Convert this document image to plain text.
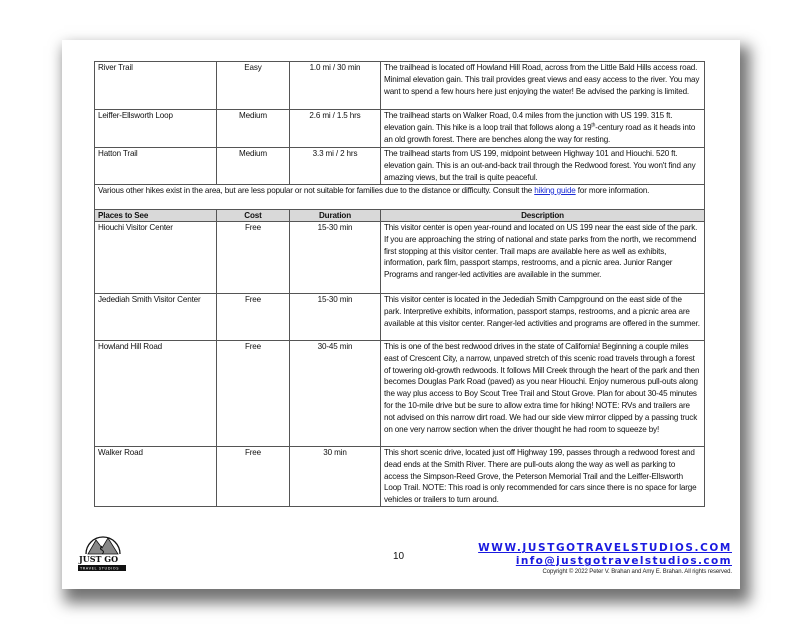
River Trail	Easy	1.0 mi / 30 min	The trailhead is located off Howland Hill Road, across from the Little Bald Hills access road. Minimal elevation gain. This trail provides great views and easy access to the river. You may want to spend a few hours here just enjoying the water! Be advised the parking is limited.
Leiffer-Ellsworth Loop	Medium	2.6 mi / 1.5 hrs	The trailhead starts on Walker Road, 0.4 miles from the junction with US 199. 315 ft. elevation gain. This hike is a loop trail that follows along a 19th-century road as it heads into an old growth forest. There are benches along the way for resting.
Hatton Trail	Medium	3.3 mi / 2 hrs	The trailhead starts from US 199, midpoint between Highway 101 and Hiouchi. 520 ft. elevation gain. This is an out-and-back trail through the Redwood forest. You won't find any amazing views, but the trail is quite peaceful.
Various other hikes exist in the area, but are less popular or not suitable for families due to the distance or difficulty. Consult the hiking guide for more information.			
Places to See	Cost	Duration	Description
Hiouchi Visitor Center	Free	15-30 min	This visitor center is open year-round and located on US 199 near the east side of the park. If you are approaching the string of national and state parks from the north, we recommend first stopping at this visitor center. Trail maps are available here as well as exhibits, information, park film, passport stamps, restrooms, and a picnic area. Junior Ranger Programs and ranger-led activities are available in the summer.
Jedediah Smith Visitor Center	Free	15-30 min	This visitor center is located in the Jedediah Smith Campground on the east side of the park. Interpretive exhibits, information, passport stamps, restrooms, and a picnic area are available at this visitor center. Ranger-led activities and programs are offered in the summer.
Howland Hill Road	Free	30-45 min	This is one of the best redwood drives in the state of California! Beginning a couple miles east of Crescent City, a narrow, unpaved stretch of this scenic road travels through a forest of towering old-growth redwoods. It follows Mill Creek through the heart of the park and then becomes Douglas Park Road (paved) as you near Hiouchi. Enjoy numerous pull-outs along the way plus access to Boy Scout Tree Trail and Stout Grove. Plan for about 30-45 minutes for the 10-mile drive but be sure to allow extra time for hiking! NOTE: RVs and trailers are not advised on this narrow dirt road. We had our side view mirror clipped by a passing truck on one very narrow section when the driver thought he had room to squeeze by!
Walker Road	Free	30 min	This short scenic drive, located just off Highway 199, passes through a redwood forest and dead ends at the Smith River. There are pull-outs along the way as well as parking to access the Simpson-Reed Grove, the Peterson Memorial Trail and the Leiffer-Ellsworth Loop Trail. NOTE: This road is only recommended for cars since there is no space for large vehicles or trailers to turn around.
JUST GO
TRAVEL STUDIOS
10
WWW.JUSTGOTRAVELSTUDIOS.COM
info@justgotravelstudios.com
Copyright © 2022 Peter V. Brahan and Amy E. Brahan. All rights reserved.
